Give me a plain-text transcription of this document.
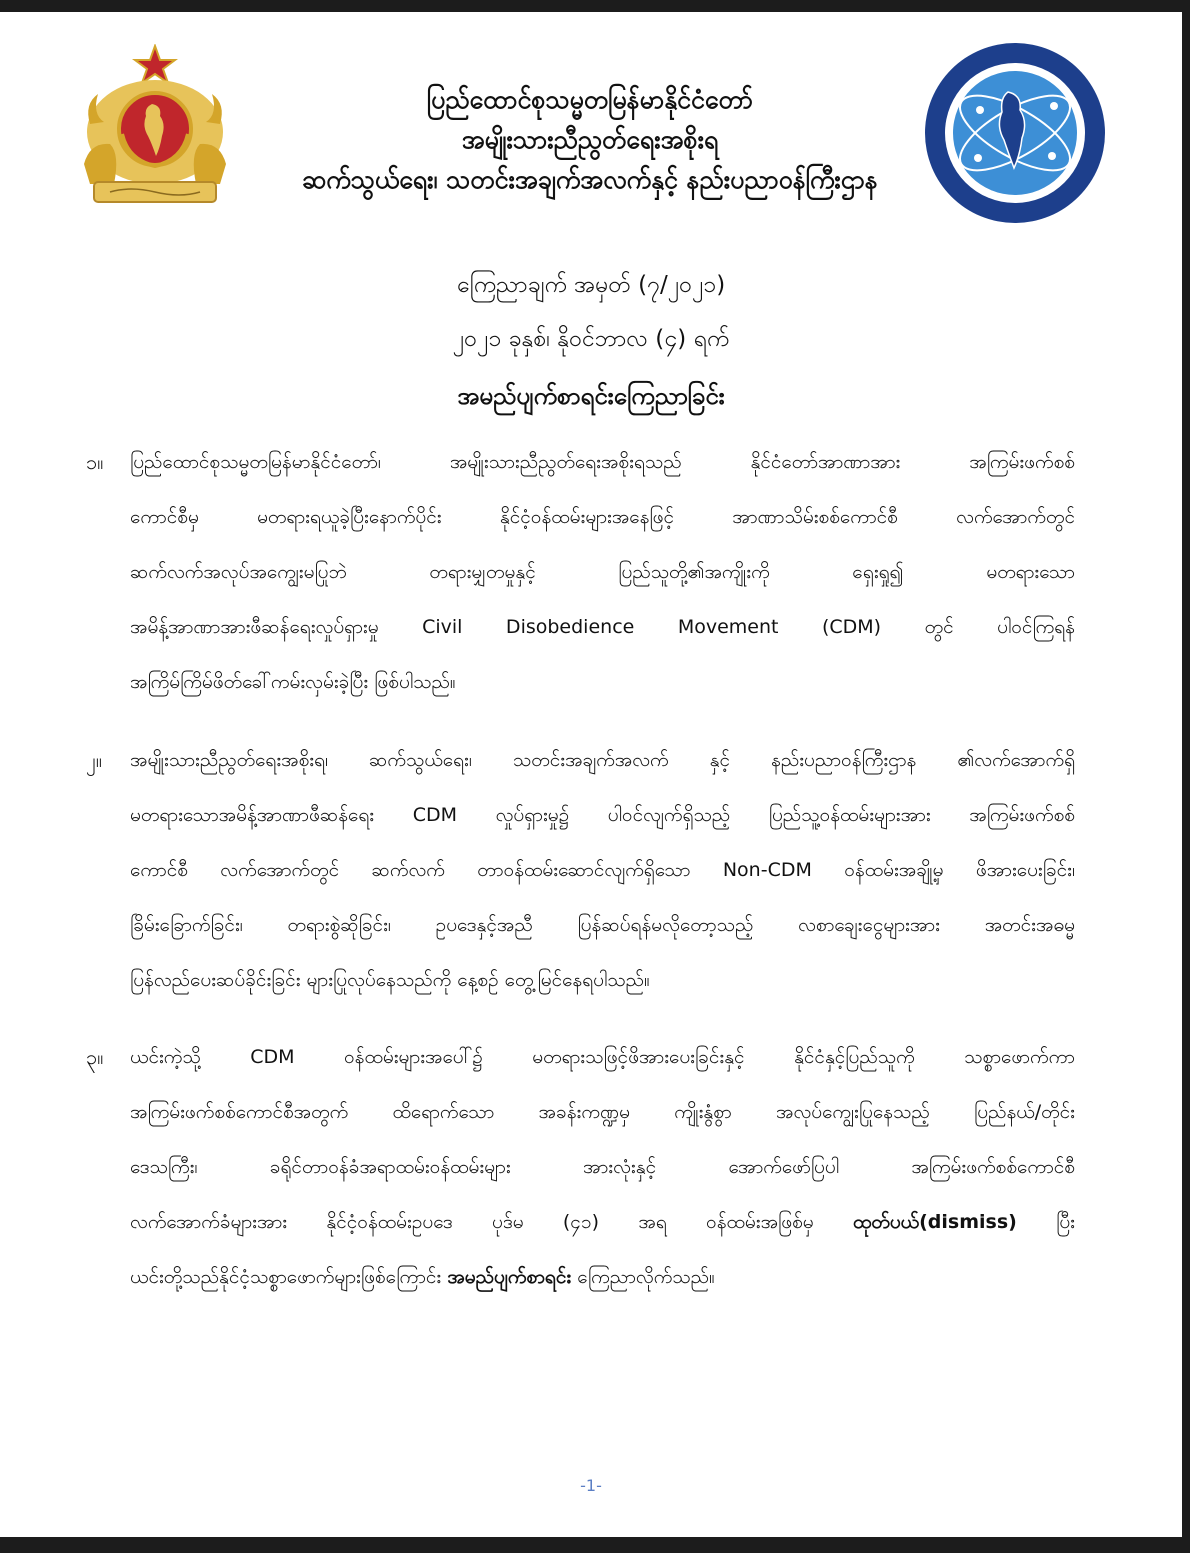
ပြည်ထောင်စုသမ္မတမြန်မာနိုင်ငံတော်
အမျိုးသားညီညွတ်ရေးအစိုးရ
ဆက်သွယ်ရေး၊ သတင်းအချက်အလက်နှင့် နည်းပညာဝန်ကြီးဌာန
ကြေညာချက် အမှတ် (၇/၂၀၂၁)
၂၀၂၁ ခုနှစ်၊ နိုဝင်ဘာလ (၄) ရက်
အမည်ပျက်စာရင်းကြေညာခြင်း
၁။ ပြည်ထောင်စုသမ္မတမြန်မာနိုင်ငံတော်၊ အမျိုးသားညီညွတ်ရေးအစိုးရသည် နိုင်ငံတော်အာဏာအား အကြမ်းဖက်စစ်
ကောင်စီမှ မတရားရယူခဲ့ပြီးနောက်ပိုင်း နိုင်ငံ့ဝန်ထမ်းများအနေဖြင့် အာဏာသိမ်းစစ်ကောင်စီ လက်အောက်တွင်
ဆက်လက်အလုပ်အကျွေးမပြုဘဲ တရားမျှတမှုနှင့် ပြည်သူတို့၏အကျိုးကို ရှေးရှု၍ မတရားသော
အမိန့်အာဏာအားဖီဆန်ရေးလှုပ်ရှားမှု Civil Disobedience Movement (CDM) တွင် ပါဝင်ကြရန်
အကြိမ်ကြိမ်ဖိတ်ခေါ်ကမ်းလှမ်းခဲ့ပြီး ဖြစ်ပါသည်။
၂။ အမျိုးသားညီညွတ်ရေးအစိုးရ၊ ဆက်သွယ်ရေး၊ သတင်းအချက်အလက် နှင့် နည်းပညာဝန်ကြီးဌာန ၏လက်အောက်ရှိ
မတရားသောအမိန့်အာဏာဖီဆန်ရေး CDM လှုပ်ရှားမှု၌ ပါဝင်လျက်ရှိသည့် ပြည်သူ့ဝန်ထမ်းများအား အကြမ်းဖက်စစ်
ကောင်စီ လက်အောက်တွင် ဆက်လက် တာဝန်ထမ်းဆောင်လျက်ရှိသော Non-CDM ဝန်ထမ်းအချို့မှ ဖိအားပေးခြင်း၊
ခြိမ်းခြောက်ခြင်း၊ တရားစွဲဆိုခြင်း၊ ဥပဒေနှင့်အညီ ပြန်ဆပ်ရန်မလိုတော့သည့် လစာချေးငွေများအား အတင်းအဓမ္မ
ပြန်လည်ပေးဆပ်ခိုင်းခြင်း များပြုလုပ်နေသည်ကို နေ့စဉ် တွေ့မြင်နေရပါသည်။
၃။ ယင်းကဲ့သို့ CDM ဝန်ထမ်းများအပေါ်၌ မတရားသဖြင့်ဖိအားပေးခြင်းနှင့် နိုင်ငံနှင့်ပြည်သူကို သစ္စာဖောက်ကာ
အကြမ်းဖက်စစ်ကောင်စီအတွက် ထိရောက်သော အခန်းကဏ္ဍမှ ကျိုးနွံစွာ အလုပ်ကျွေးပြုနေသည့် ပြည်နယ်/တိုင်း
ဒေသကြီး၊ ခရိုင်တာဝန်ခံအရာထမ်းဝန်ထမ်းများ အားလုံးနှင့် အောက်ဖော်ပြပါ အကြမ်းဖက်စစ်ကောင်စီ
လက်အောက်ခံများအား နိုင်ငံ့ဝန်ထမ်းဥပဒေ ပုဒ်မ (၄၁) အရ ဝန်ထမ်းအဖြစ်မှ ထုတ်ပယ်(dismiss) ပြီး
ယင်းတို့သည်နိုင်ငံ့သစ္စာဖောက်များဖြစ်ကြောင်း အမည်ပျက်စာရင်း ကြေညာလိုက်သည်။
-1-
